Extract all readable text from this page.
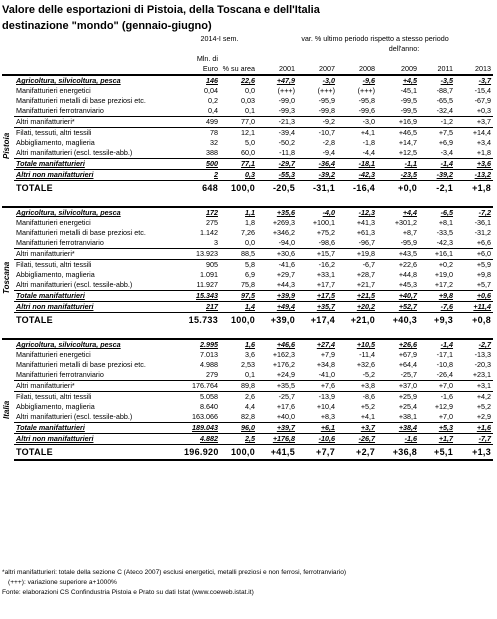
Valore delle esportazioni di Pistoia, della Toscana e dell'Italia
destinazione "mondo" (gennaio-giugno)
		2014-I sem.		var. % ultimo periodo rispetto a stesso periodo					
				dell'anno:					
		Mln. di							
		Euro	% su area	2001	2007	2008	2009	2011	2013

Pistoia	Agricoltura, silvicoltura, pesca	146	22,6	+47,9	-3,0	-9,6	+4,5	-3,5	-3,7
	Manifatturieri energetici	0,04	0,0	(+++)	(+++)	(+++)	-45,1	-88,7	-15,4
	Manifatturieri metalli di base preziosi etc.	0,2	0,03	-99,0	-95,9	-95,8	-99,5	-65,5	-67,9
	Manifatturieri ferrotranviario	0,4	0,1	-99,3	-99,8	-99,6	-99,5	-32,4	+0,3
	Altri manifatturieri*	499	77,0	-21,3	-9,2	-3,0	+16,9	-1,2	+3,7
	Filati, tessuti, altri tessili	78	12,1	-39,4	-10,7	+4,1	+46,5	+7,5	+14,4
	Abbigliamento, maglieria	32	5,0	-50,2	-2,8	-1,8	+14,7	+6,9	+3,4
	Altri manifatturieri (escl. tessile-abb.)	388	60,0	-11,8	-9,4	-4,4	+12,5	-3,4	+1,8
	Totale manifatturieri	500	77,1	-29,7	-36,4	-18,1	-1,1	-1,4	+3,6
	Altri non manifatturieri	2	0,3	-55,3	-39,2	-42,3	-23,5	-39,2	-13,2
	TOTALE	648	100,0	-20,5	-31,1	-16,4	+0,0	-2,1	+1,8

Toscana	Agricoltura, silvicoltura, pesca	172	1,1	+35,6	-4,0	-12,3	+4,4	-6,5	-7,2
	Manifatturieri energetici	275	1,8	+269,3	+100,1	+41,3	+301,2	+8,1	-36,1
	Manifatturieri metalli di base preziosi etc.	1.142	7,26	+346,2	+75,2	+61,3	+8,7	-33,5	-31,2
	Manifatturieri ferrotranviario	3	0,0	-94,0	-98,6	-96,7	-95,9	-42,3	+6,6
	Altri manifatturieri*	13.923	88,5	+30,6	+15,7	+19,8	+43,5	+16,1	+6,0
	Filati, tessuti, altri tessili	905	5,8	-41,6	-16,2	-6,7	+22,6	+0,2	+5,9
	Abbigliamento, maglieria	1.091	6,9	+29,7	+33,1	+28,7	+44,8	+19,0	+9,8
	Altri manifatturieri (escl. tessile-abb.)	11.927	75,8	+44,3	+17,7	+21,7	+45,3	+17,2	+5,7
	Totale manifatturieri	15.343	97,5	+39,9	+17,5	+21,5	+40,7	+9,8	+0,6
	Altri non manifatturieri	217	1,4	+49,4	+35,7	+20,2	+52,7	-7,6	+11,4
	TOTALE	15.733	100,0	+39,0	+17,4	+21,0	+40,3	+9,3	+0,8

Italia	Agricoltura, silvicoltura, pesca	2.995	1,6	+46,6	+27,4	+10,5	+26,6	-1,4	-2,7
	Manifatturieri energetici	7.013	3,6	+162,3	+7,9	-11,4	+67,9	-17,1	-13,3
	Manifatturieri metalli di base preziosi etc.	4.988	2,53	+176,2	+34,8	+32,6	+64,4	-10,8	-20,3
	Manifatturieri ferrotranviario	279	0,1	+24,9	-41,0	-5,2	-25,7	-26,4	+23,1
	Altri manifatturieri*	176.764	89,8	+35,5	+7,6	+3,8	+37,0	+7,0	+3,1
	Filati, tessuti, altri tessili	5.058	2,6	-25,7	-13,9	-8,6	+25,9	-1,6	+4,2
	Abbigliamento, maglieria	8.640	4,4	+17,6	+10,4	+5,2	+25,4	+12,9	+5,2
	Altri manifatturieri (escl. tessile-abb.)	163.066	82,8	+40,0	+8,3	+4,1	+38,1	+7,0	+2,9
	Totale manifatturieri	189.043	96,0	+39,7	+6,1	+3,7	+38,4	+5,3	+1,6
	Altri non manifatturieri	4.882	2,5	+176,8	-10,6	-26,7	-1,6	+1,7	-7,7
	TOTALE	196.920	100,0	+41,5	+7,7	+2,7	+36,8	+5,1	+1,3
*altri manifatturieri: totale della sezione C (Ateco 2007) esclusi energetici, metalli preziosi e non ferrosi, ferrotranviario)
(+++): variazione superiore a+1000%
Fonte: elaborazioni CS Confindustria Pistoia e Prato su dati Istat (www.coeweb.istat.it)
